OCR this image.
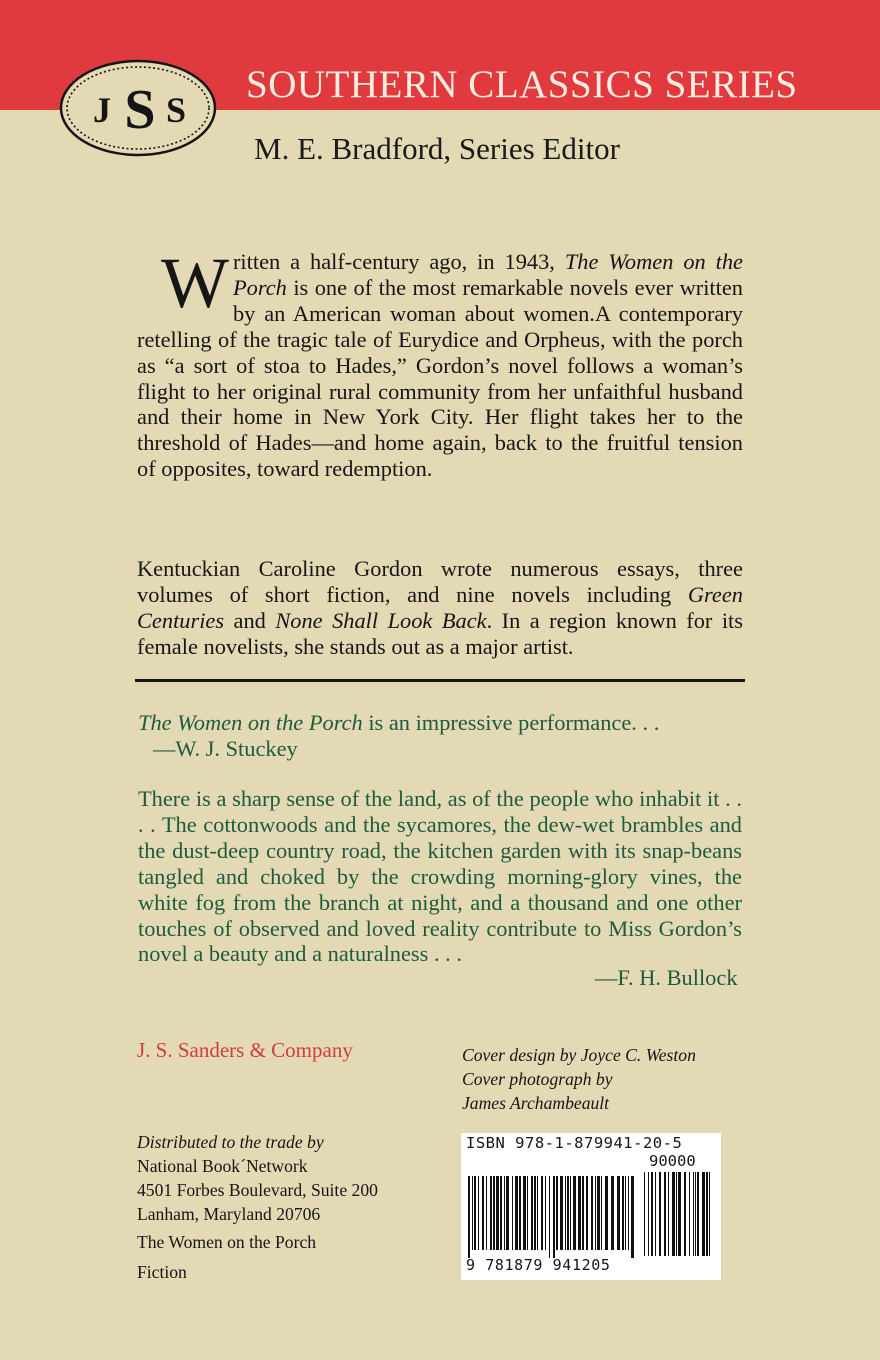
SOUTHERN CLASSICS SERIES
J S S
M. E. Bradford, Series Editor

Written a half-century ago, in 1943, The Women on the Porch is one of the most remarkable novels ever written by an American woman about women.A contemporary retelling of the tragic tale of Eurydice and Orpheus, with the porch as “a sort of stoa to Hades,” Gordon’s novel follows a woman’s flight to her original rural community from her unfaithful husband and their home in New York City. Her flight takes her to the threshold of Hades—and home again, back to the fruitful tension of opposites, toward redemption.

Kentuckian Caroline Gordon wrote numerous essays, three volumes of short fiction, and nine novels including Green Centuries and None Shall Look Back. In a region known for its female novelists, she stands out as a major artist.

The Women on the Porch is an impressive performance. . .

—W. J. Stuckey

There is a sharp sense of the land, as of the people who inhabit it . . . . The cottonwoods and the sycamores, the dew-wet brambles and the dust-deep country road, the kitchen garden with its snap-beans tangled and choked by the crowding morning-glory vines, the white fog from the branch at night, and a thousand and one other touches of observed and loved reality contribute to Miss Gordon’s novel a beauty and a naturalness . . .

—F. H. Bullock
J. S. Sanders & Company	Cover design by Joyce C. Weston
Cover photograph by
James Archambeault
Distributed to the trade by
National Book´Network
4501 Forbes Boulevard, Suite 200
Lanham, Maryland 20706
The Women on the Porch
Fiction
ISBN 978-1-879941-20-5
90000
9 781879 941205
